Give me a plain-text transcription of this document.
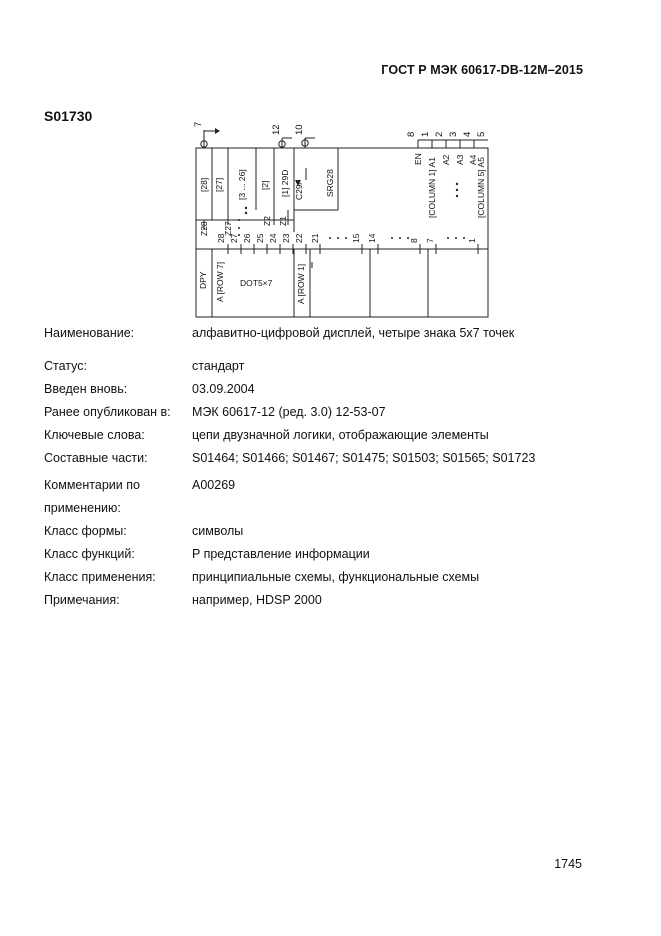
ГОСТ Р МЭК 60617-DB-12M–2015
S01730
7
12 10	8 1 2 3 4 5
[28] [27] [3 ... 26] [2] [1] 29D C29/ SRG28
EN [COLUMN 1] A1 A2 A3 A4
[COLUMN 5] A5
Z28 Z27
Z2 Z1
28 27 26 25 24 23 22 21	15 14	8 7	1
DPY A [ROW 7] DOT5×7	A [ROW 1]
Наименование:	алфавитно-цифровой дисплей, четыре знака 5х7 точек
Статус:	стандарт
Введен вновь:	03.09.2004
Ранее опубликован в:	МЭК 60617-12 (ред. 3.0) 12-53-07
Ключевые слова:	цепи двузначной логики, отображающие элементы
Составные части:	S01464; S01466; S01467; S01475; S01503; S01565; S01723
Комментарии по	A00269
применению:
Класс формы:	символы
Класс функций:	P представление информации
Класс применения:	принципиальные схемы, функциональные схемы
Примечания:	например, HDSP 2000
1745
